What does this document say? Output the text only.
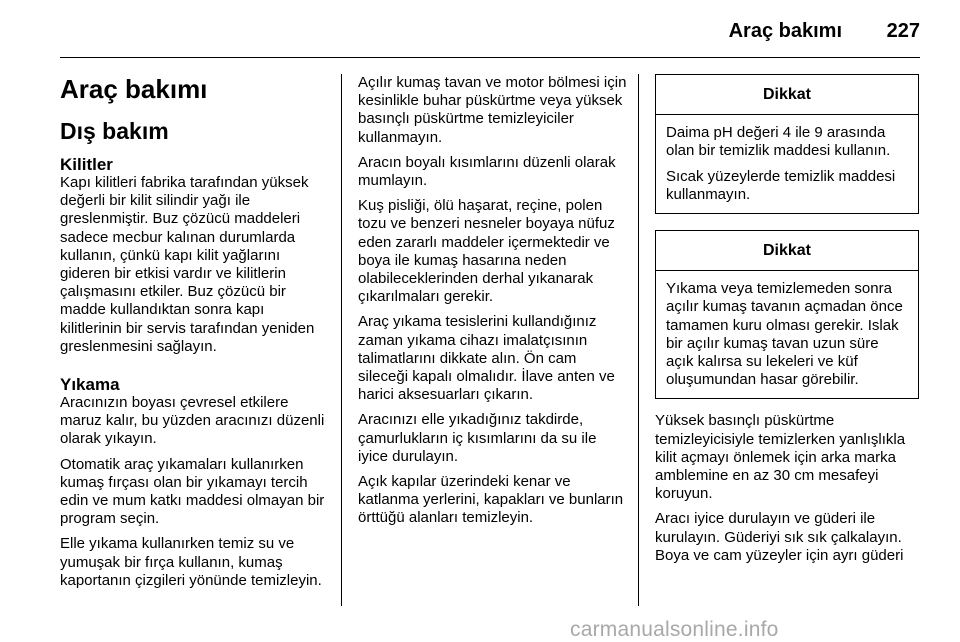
Araç bakımı 227
Araç bakımı
Dış bakım
Kilitler

Kapı kilitleri fabrika tarafından yüksek değerli bir kilit silindir yağı ile greslenmiştir. Buz çözücü maddeleri sadece mecbur kalınan durumlarda kullanın, çünkü kapı kilit yağlarını gideren bir etkisi vardır ve kilitlerin çalışmasını etkiler. Buz çözücü bir madde kullandıktan sonra kapı kilitlerinin bir servis tarafından yeniden greslenmesini sağlayın.

Yıkama

Aracınızın boyası çevresel etkilere maruz kalır, bu yüzden aracınızı düzenli olarak yıkayın.

Otomatik araç yıkamaları kullanırken kumaş fırçası olan bir yıkamayı tercih edin ve mum katkı maddesi olmayan bir program seçin.

Elle yıkama kullanırken temiz su ve yumuşak bir fırça kullanın, kumaş kaportanın çizgileri yönünde temizleyin.

Açılır kumaş tavan ve motor bölmesi için kesinlikle buhar püskürtme veya yüksek basınçlı püskürtme temizleyiciler kullanmayın.

Aracın boyalı kısımlarını düzenli olarak mumlayın.

Kuş pisliği, ölü haşarat, reçine, polen tozu ve benzeri nesneler boyaya nüfuz eden zararlı maddeler içermektedir ve boya ile kumaş hasarına neden olabileceklerinden derhal yıkanarak çıkarılmaları gerekir.

Araç yıkama tesislerini kullandığınız zaman yıkama cihazı imalatçısının talimatlarını dikkate alın. Ön cam sileceği kapalı olmalıdır. İlave anten ve harici aksesuarları çıkarın.

Aracınızı elle yıkadığınız takdirde, çamurlukların iç kısımlarını da su ile iyice durulayın.

Açık kapılar üzerindeki kenar ve katlanma yerlerini, kapakları ve bunların örttüğü alanları temizleyin.

Dikkat

Daima pH değeri 4 ile 9 arasında olan bir temizlik maddesi kullanın.

Sıcak yüzeylerde temizlik maddesi kullanmayın.

Dikkat

Yıkama veya temizlemeden sonra açılır kumaş tavanın açmadan önce tamamen kuru olması gerekir. Islak bir açılır kumaş tavan uzun süre açık kalırsa su lekeleri ve küf oluşumundan hasar görebilir.

Yüksek basınçlı püskürtme temizleyicisiyle temizlerken yanlışlıkla kilit açmayı önlemek için arka marka amblemine en az 30 cm mesafeyi koruyun.

Aracı iyice durulayın ve güderi ile kurulayın. Güderiyi sık sık çalkalayın. Boya ve cam yüzeyler için ayrı güderi

carmanualsonline.info
